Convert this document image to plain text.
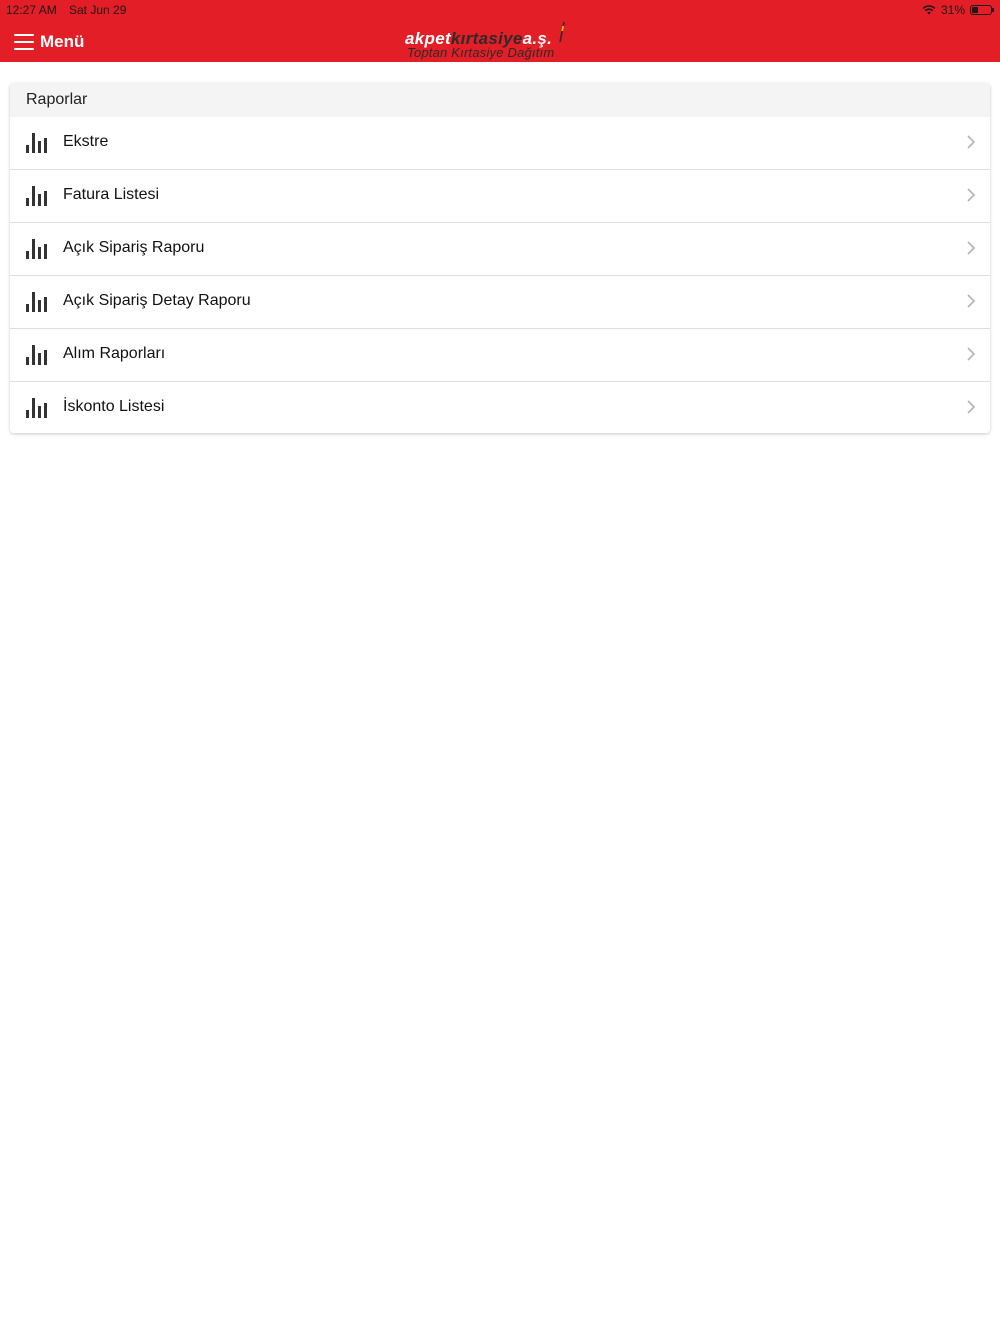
12:27 AM Sat Jun 29	31%
Menü	akpetkırtasiyea.ş.
Toptan Kırtasiye Dağıtım
Raporlar
Ekstre
Fatura Listesi
Açık Sipariş Raporu
Açık Sipariş Detay Raporu
Alım Raporları
İskonto Listesi
